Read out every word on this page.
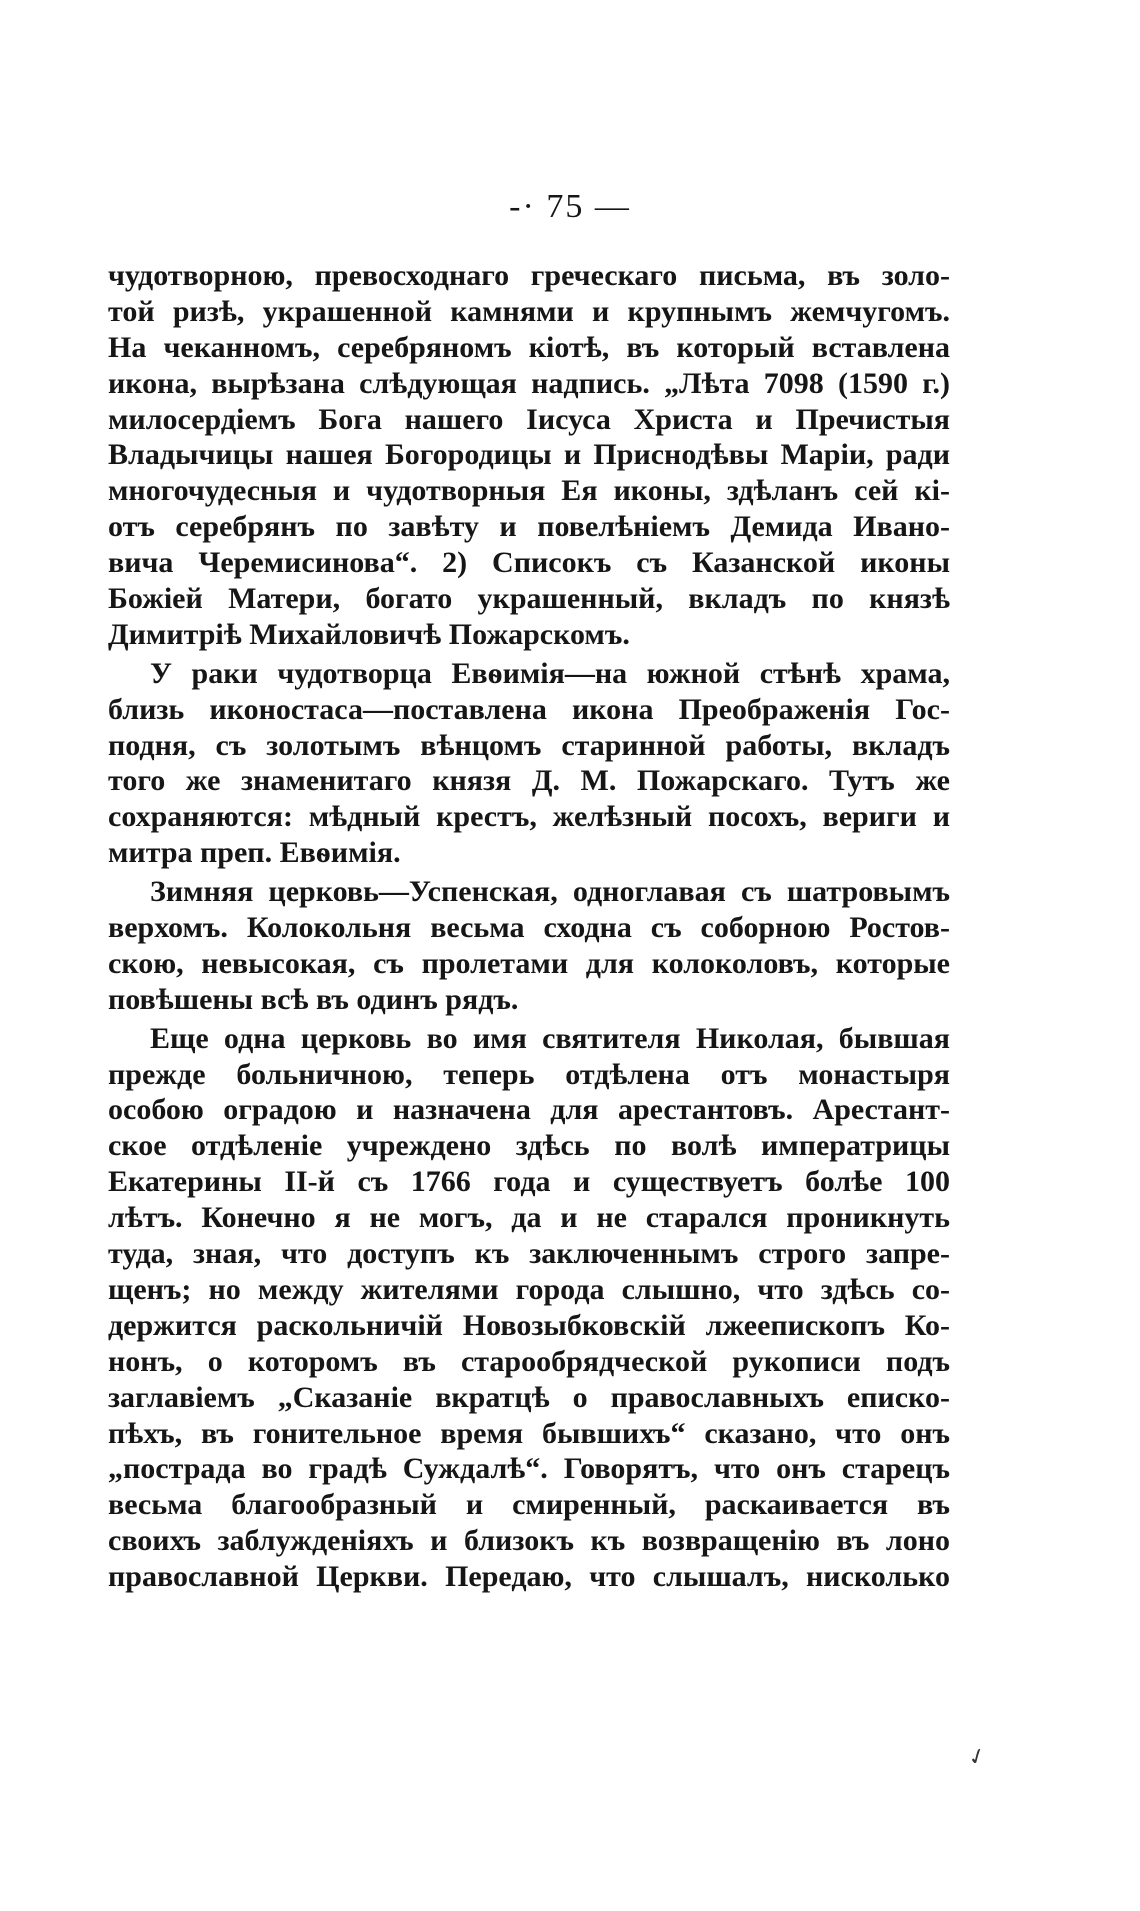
-· 75 —
чудотворною, превосходнаго греческаго письма, въ золо-
той ризѣ, украшенной камнями и крупнымъ жемчугомъ.
На чеканномъ, серебряномъ кіотѣ, въ который вставлена
икона, вырѣзана слѣдующая надпись. „Лѣта 7098 (1590 г.)
милосердіемъ Бога нашего Іисуса Христа и Пречистыя
Владычицы нашея Богородицы и Приснодѣвы Маріи, ради
многочудесныя и чудотворныя Ея иконы, здѣланъ сей кі-
отъ серебрянъ по завѣту и повелѣніемъ Демида Ивано-
вича Черемисинова“. 2) Списокъ съ Казанской иконы
Божіей Матери, богато украшенный, вкладъ по князѣ
Димитріѣ Михайловичѣ Пожарскомъ.
У раки чудотворца Евѳимія—на южной стѣнѣ храма,
близь иконостаса—поставлена икона Преображенія Гос-
подня, съ золотымъ вѣнцомъ старинной работы, вкладъ
того же знаменитаго князя Д. М. Пожарскаго. Тутъ же
сохраняются: мѣдный крестъ, желѣзный посохъ, вериги и
митра преп. Евѳимія.
Зимняя церковь—Успенская, одноглавая съ шатровымъ
верхомъ. Колокольня весьма сходна съ соборною Ростов-
скою, невысокая, съ пролетами для колоколовъ, которые
повѣшены всѣ въ одинъ рядъ.
Еще одна церковь во имя святителя Николая, бывшая
прежде больничною, теперь отдѣлена отъ монастыря
особою оградою и назначена для арестантовъ. Арестант-
ское отдѣленіе учреждено здѣсь по волѣ императрицы
Екатерины II-й съ 1766 года и существуетъ болѣе 100
лѣтъ. Конечно я не могъ, да и не старался проникнуть
туда, зная, что доступъ къ заключеннымъ строго запре-
щенъ; но между жителями города слышно, что здѣсь со-
держится раскольничій Новозыбковскій лжеепископъ Ко-
нонъ, о которомъ въ старообрядческой рукописи подъ
заглавіемъ „Сказаніе вкратцѣ о православныхъ еписко-
пѣхъ, въ гонительное время бывшихъ“ сказано, что онъ
„пострада во градѣ Суждалѣ“. Говорятъ, что онъ старецъ
весьма благообразный и смиренный, раскаивается въ
своихъ заблужденіяхъ и близокъ къ возвращенію въ лоно
православной Церкви. Передаю, что слышалъ, нисколько
✓
